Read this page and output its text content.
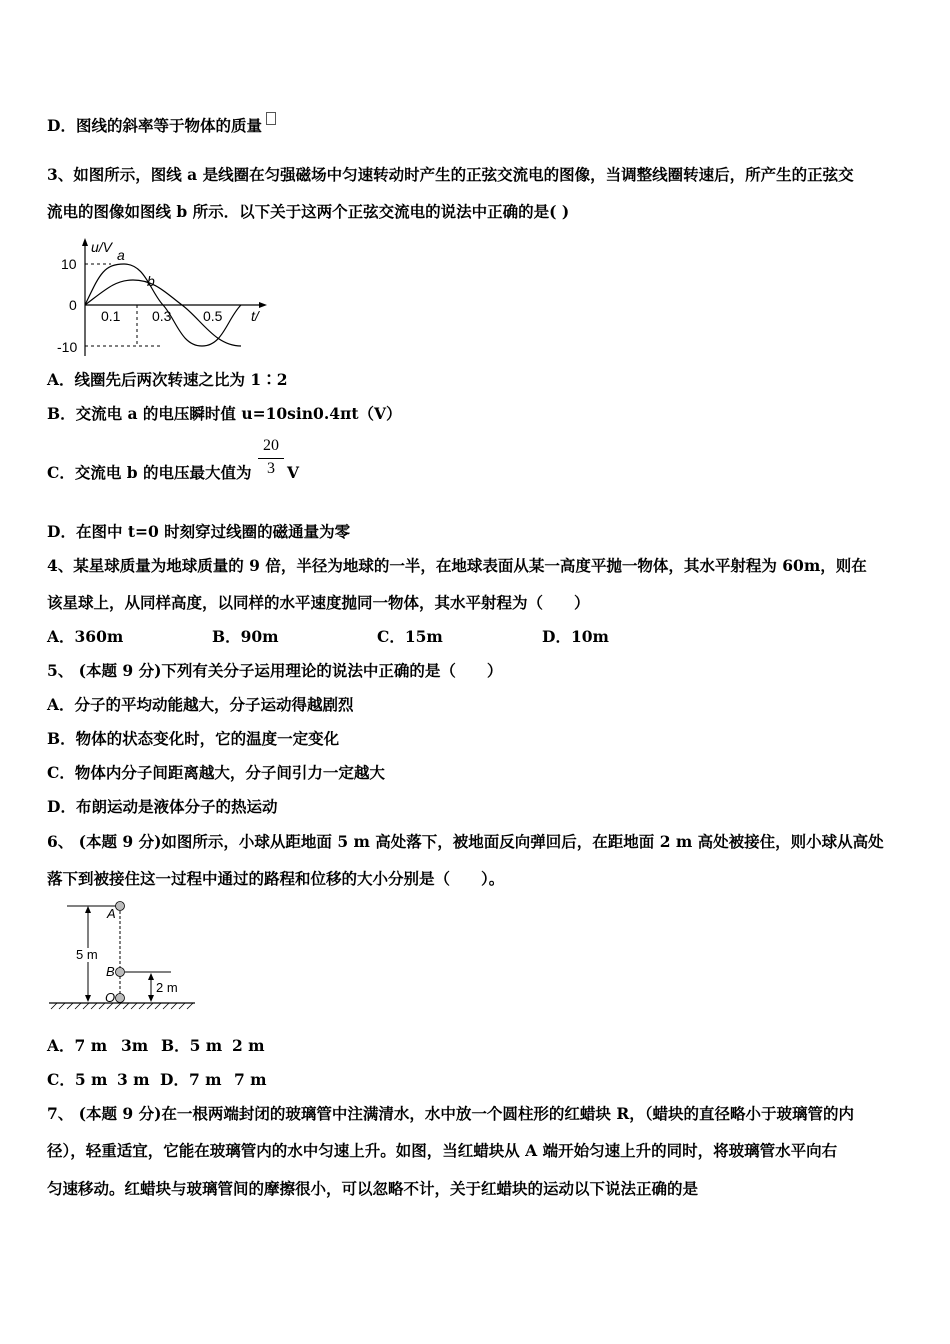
D．图线的斜率等于物体的质量
3、如图所示，图线 a 是线圈在匀强磁场中匀速转动时产生的正弦交流电的图像，当调整线圈转速后，所产生的正弦交
流电的图像如图线 b 所示．以下关于这两个正弦交流电的说法中正确的是( )
u/V
t/
10
0
-10
0.1 0.3 0.5
a
b
A．线圈先后两次转速之比为 1∶2
B．交流电 a 的电压瞬时值 u=10sin0.4πt（V）
C．交流电 b 的电压最大值为
20
3 V
D．在图中 t=0 时刻穿过线圈的磁通量为零
4、某星球质量为地球质量的 9 倍，半径为地球的一半，在地球表面从某一高度平抛一物体，其水平射程为 60m，则在
该星球上，从同样高度，以同样的水平速度抛同一物体，其水平射程为（　　）
A．360m	B．90m	C．15m	D．10m
5、 (本题 9 分)下列有关分子运用理论的说法中正确的是（　　）
A．分子的平均动能越大，分子运动得越剧烈
B．物体的状态变化时，它的温度一定变化
C．物体内分子间距离越大，分子间引力一定越大
D．布朗运动是液体分子的热运动
6、 (本题 9 分)如图所示，小球从距地面 5 m 高处落下，被地面反向弹回后，在距地面 2 m 高处被接住，则小球从高处
落下到被接住这一过程中通过的路程和位移的大小分别是（　　）。
A
5 m
B
2 m
O
A．7 m 3m B．5 m 2 m
C．5 m 3 m D．7 m 7 m
7、 (本题 9 分)在一根两端封闭的玻璃管中注满清水，水中放一个圆柱形的红蜡块 R，（蜡块的直径略小于玻璃管的内
径），轻重适宜，它能在玻璃管内的水中匀速上升。如图，当红蜡块从 A 端开始匀速上升的同时，将玻璃管水平向右
匀速移动。红蜡块与玻璃管间的摩擦很小，可以忽略不计，关于红蜡块的运动以下说法正确的是
